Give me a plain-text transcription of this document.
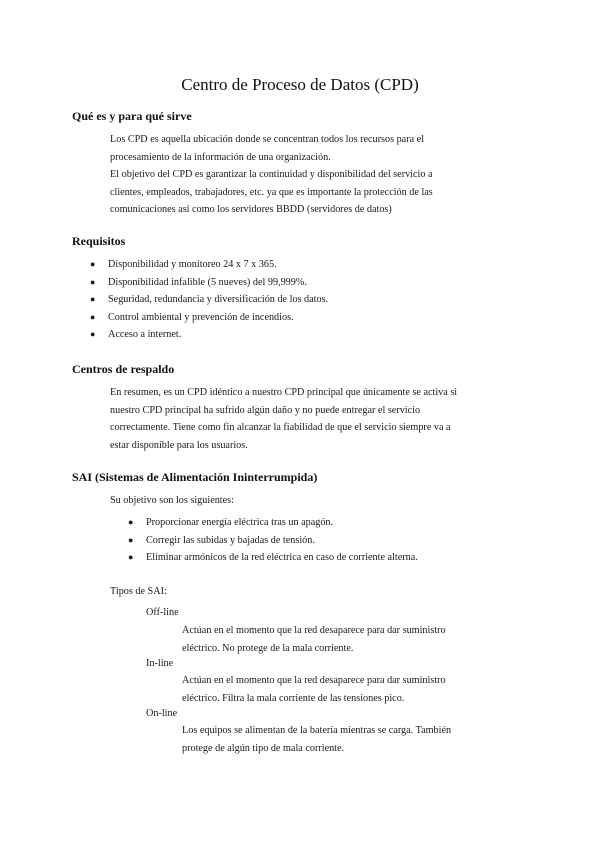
Centro de Proceso de Datos (CPD)
Qué es y para qué sirve
Los CPD es aquella ubicación donde se concentran todos los recursos para el
procesamiento de la información de una organización.
El objetivo del CPD es garantizar la continuidad y disponibilidad del servicio a
clientes, empleados, trabajadores, etc. ya que es importante la protección de las
comunicaciones así como los servidores BBDD (servidores de datos)
Requisitos
● Disponibilidad y monitoreo 24 x 7 x 365.
● Disponibilidad infalible (5 nueves) del 99,999%.
● Seguridad, redundancia y diversificación de los datos.
● Control ambiental y prevención de incendios.
● Acceso a internet.
Centros de respaldo
En resumen, es un CPD idéntico a nuestro CPD principal que únicamente se activa si
nuestro CPD principal ha sufrido algún daño y no puede entregar el servicio
correctamente. Tiene como fin alcanzar la fiabilidad de que el servicio siempre va a
estar disponible para los usuarios.
SAI (Sistemas de Alimentación Ininterrumpida)
Su objetivo son los siguientes:
● Proporcionar energía eléctrica tras un apagón.
● Corregir las subidas y bajadas de tensión.
● Eliminar armónicos de la red eléctrica en caso de corriente alterna.
Tipos de SAI:
Off-line
Actúan en el momento que la red desaparece para dar suministro
eléctrico. No protege de la mala corriente.
In-line
Actúan en el momento que la red desaparece para dar suministro
eléctrico. Filtra la mala corriente de las tensiones pico.
On-line
Los equipos se alimentan de la batería mientras se carga. También
protege de algún tipo de mala corriente.
